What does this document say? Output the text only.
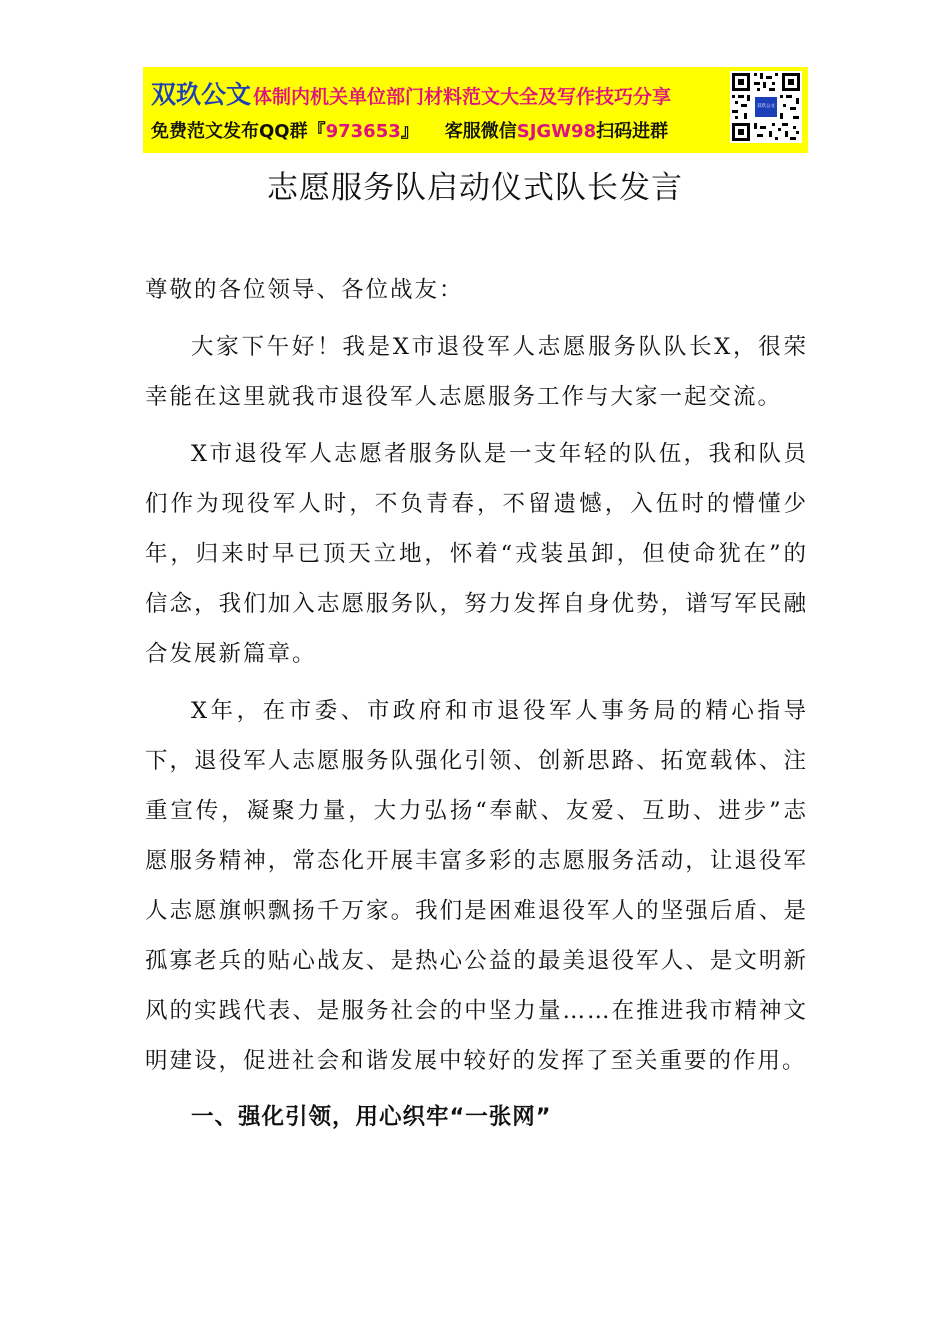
双玖公文 体制内机关单位部门材料范文大全及写作技巧分享
免费范文发布QQ群『973653』 客服微信SJGW98扫码进群
双玖公文
志愿服务队启动仪式队长发言

尊敬的各位领导、各位战友：

大家下午好！我是X市退役军人志愿服务队队长X，很荣幸能在这里就我市退役军人志愿服务工作与大家一起交流。

X市退役军人志愿者服务队是一支年轻的队伍，我和队员们作为现役军人时，不负青春，不留遗憾，入伍时的懵懂少年，归来时早已顶天立地，怀着“戎装虽卸，但使命犹在”的信念，我们加入志愿服务队，努力发挥自身优势，谱写军民融合发展新篇章。

X年，在市委、市政府和市退役军人事务局的精心指导下，退役军人志愿服务队强化引领、创新思路、拓宽载体、注重宣传，凝聚力量，大力弘扬“奉献、友爱、互助、进步”志愿服务精神，常态化开展丰富多彩的志愿服务活动，让退役军人志愿旗帜飘扬千万家。我们是困难退役军人的坚强后盾、是孤寡老兵的贴心战友、是热心公益的最美退役军人、是文明新风的实践代表、是服务社会的中坚力量……在推进我市精神文明建设，促进社会和谐发展中较好的发挥了至关重要的作用。

一、强化引领，用心织牢“一张网”
